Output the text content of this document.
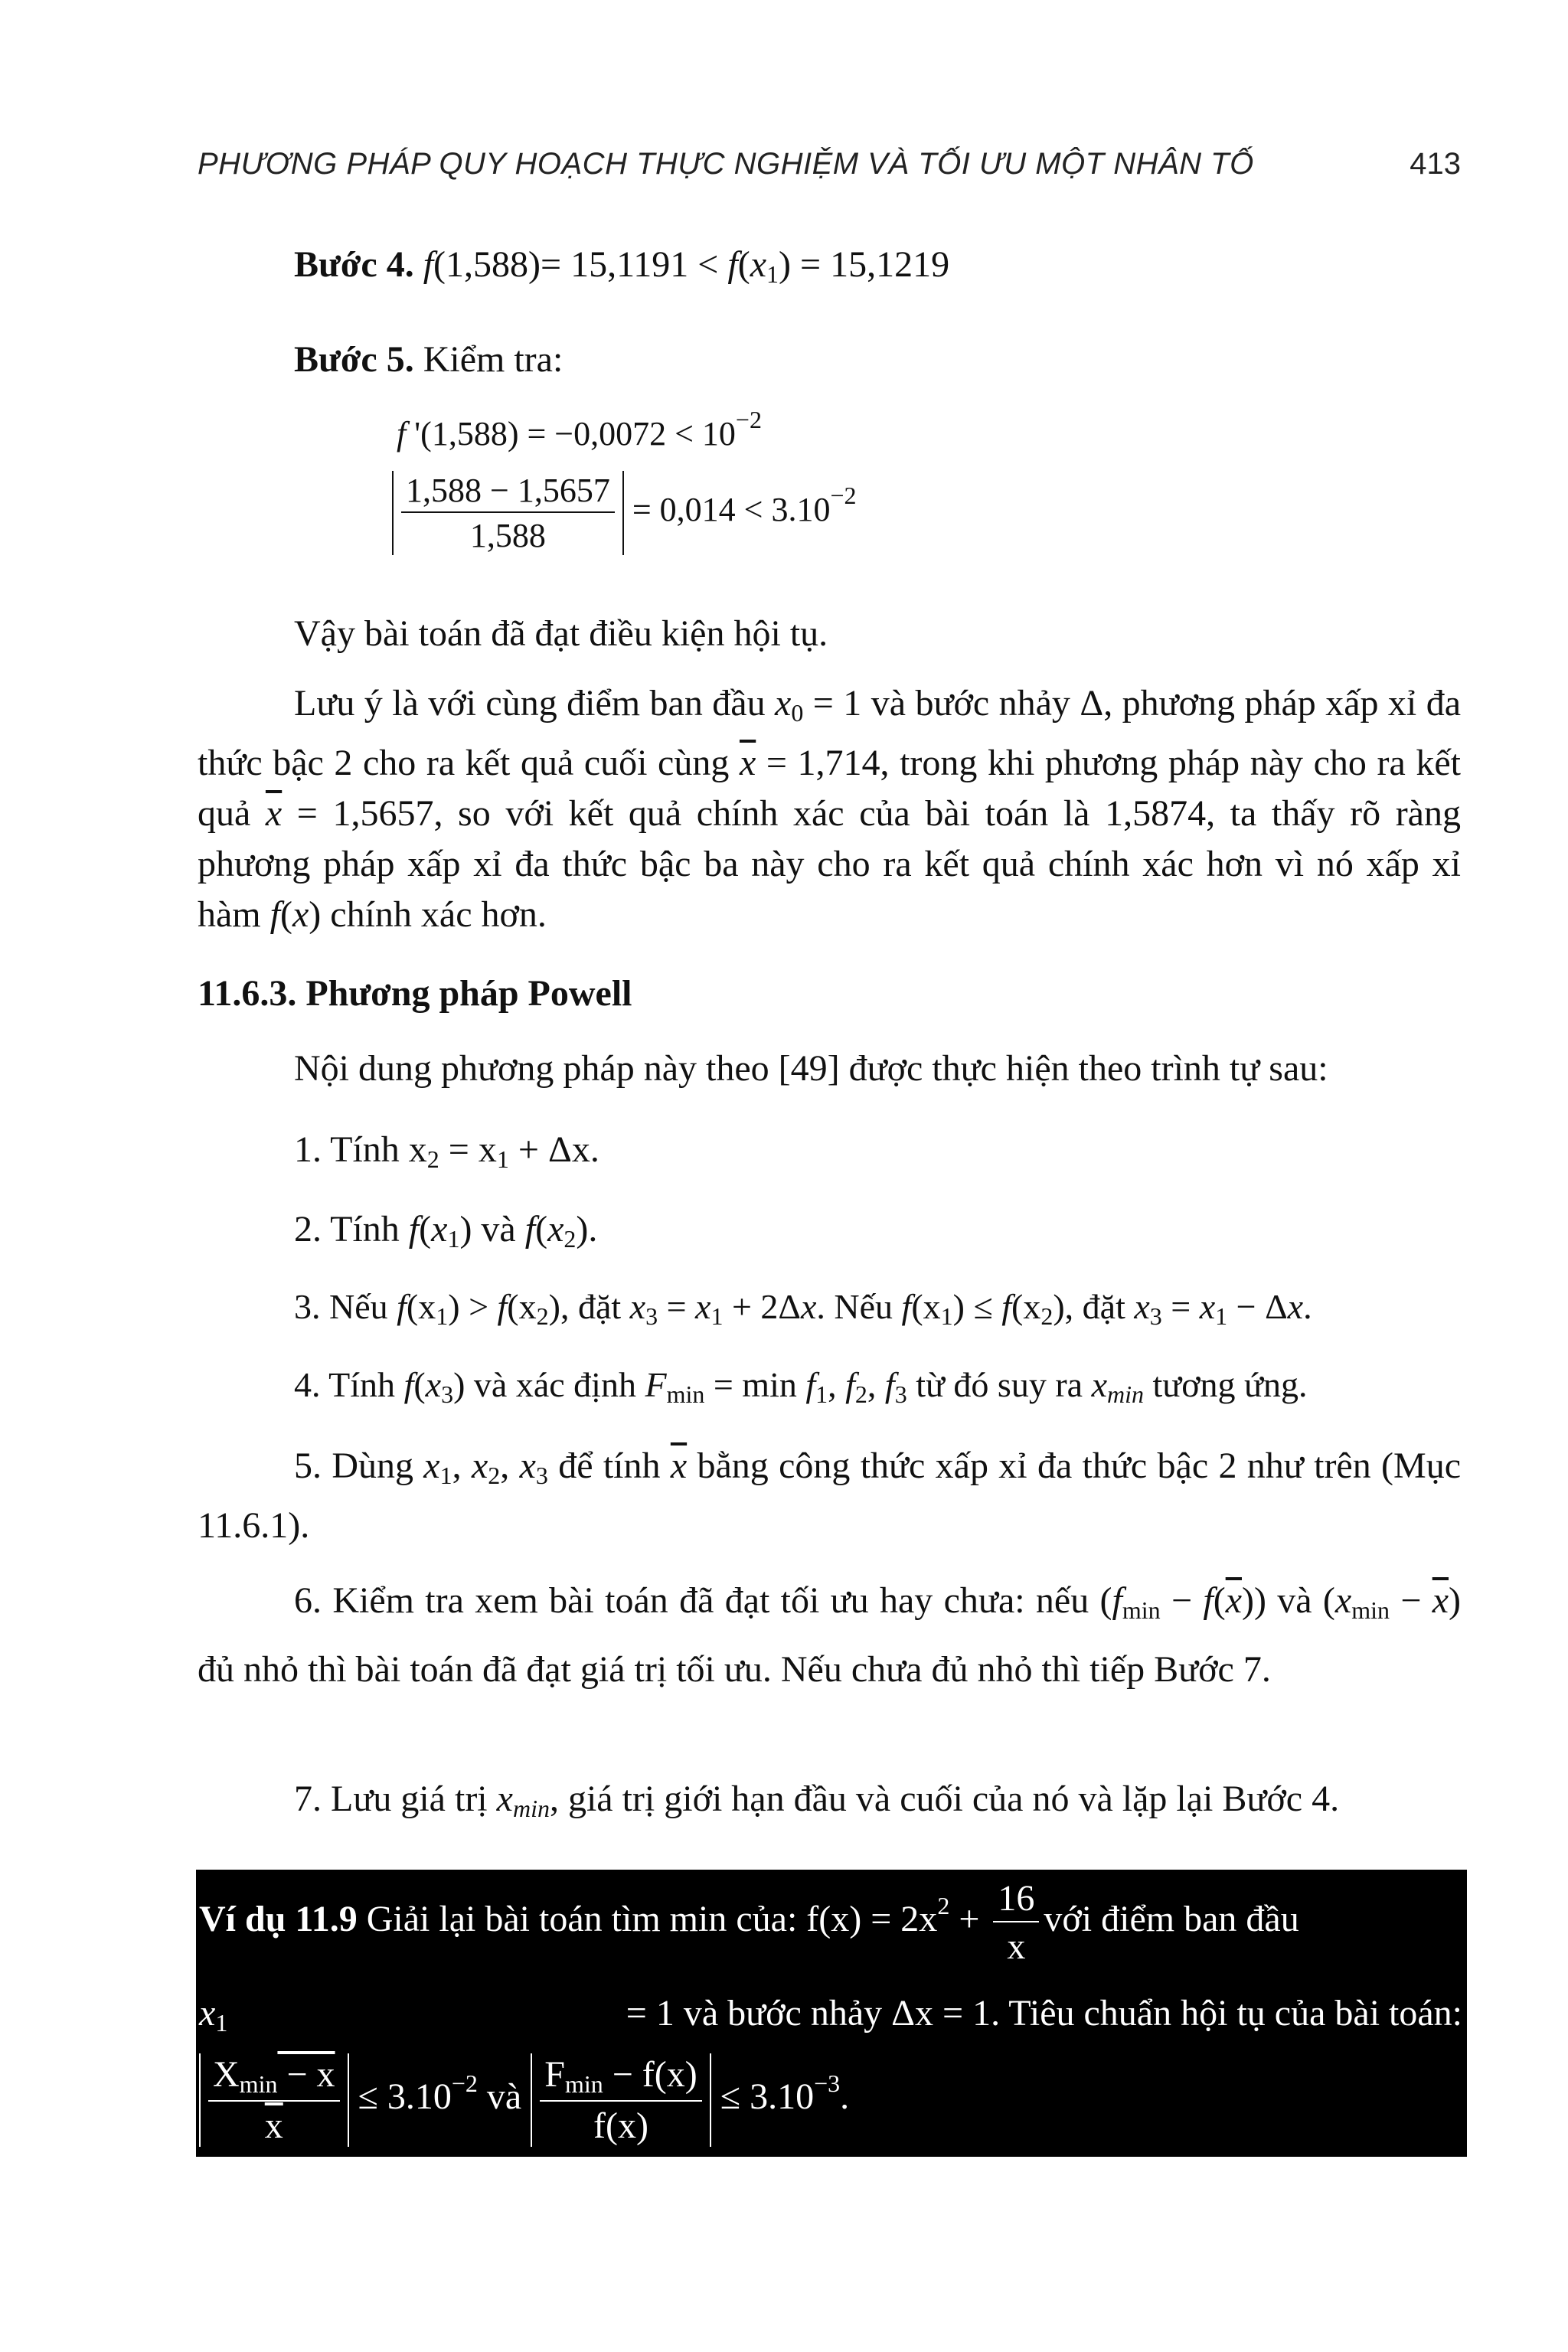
PHƯƠNG PHÁP QUY HOẠCH THỰC NGHIỆM VÀ TỐI ƯU MỘT NHÂN TỐ	413
Bước 4. $f(1,588)= 15,1191 < f(x_1) = 15,1219$
Bước 5. Kiểm tra:
f '$(1,588) = -0,0072 < 10^{-2}$
$\frac{1,588 - 1,5657}{1,588} = 0,014 < 3.10^{-2}$
Vậy bài toán đã đạt điều kiện hội tụ.
Lưu ý là với cùng điểm ban đầu $x_0 = 1$ và bước nhảy Δ, phương pháp xấp xỉ đa thức bậc 2 cho ra kết quả cuối cùng $\overline{x} = 1,714$, trong khi phương pháp này cho ra kết quả $\overline{x} = 1,5657$, so với kết quả chính xác của bài toán là 1,5874, ta thấy rõ ràng phương pháp xấp xỉ đa thức bậc ba này cho ra kết quả chính xác hơn vì nó xấp xỉ hàm f(x) chính xác hơn.
11.6.3. Phương pháp Powell
Nội dung phương pháp này theo [49] được thực hiện theo trình tự sau:
1. Tính $x_2 = x_1 + \Delta x$.
2. Tính $f(x_1)$ và $f(x_2)$.
3. Nếu $f(x_1) > f(x_2)$, đặt $x_3 = x_1 + 2\Delta x$. Nếu $f(x_1) \le f(x_2)$, đặt $x_3 = x_1 - \Delta x$.
4. Tính $f(x_3)$ và xác định $F_{min} = \min f_1$, $f_2$, $f_3$ từ đó suy ra $x_{min}$ tương ứng.
5. Dùng $x_1$, $x_2$, $x_3$ để tính $\overline{x}$ bằng công thức xấp xỉ đa thức bậc 2 như trên (Mục 11.6.1).
6. Kiểm tra xem bài toán đã đạt tối ưu hay chưa: nếu $(f_{min} - f(\overline{x}))$ và $(x_{min} - \overline{x})$ đủ nhỏ thì bài toán đã đạt giá trị tối ưu. Nếu chưa đủ nhỏ thì tiếp Bước 7.
7. Lưu giá trị $x_{min}$, giá trị giới hạn đầu và cuối của nó và lặp lại Bước 4.
Ví dụ 11.9 Giải lại bài toán tìm min của: $f(x) = 2x^2 + \frac{16}{x}$ với điểm ban đầu
$x_1$	= 1 và bước nhảy Δx = 1. Tiêu chuẩn hội tụ của bài toán:
$\frac{X_{min} - x}{x} \le 3.10^{-2}$ và $\frac{F_{min} - f(x)}{f(x)} \le 3.10^{-3}$.
